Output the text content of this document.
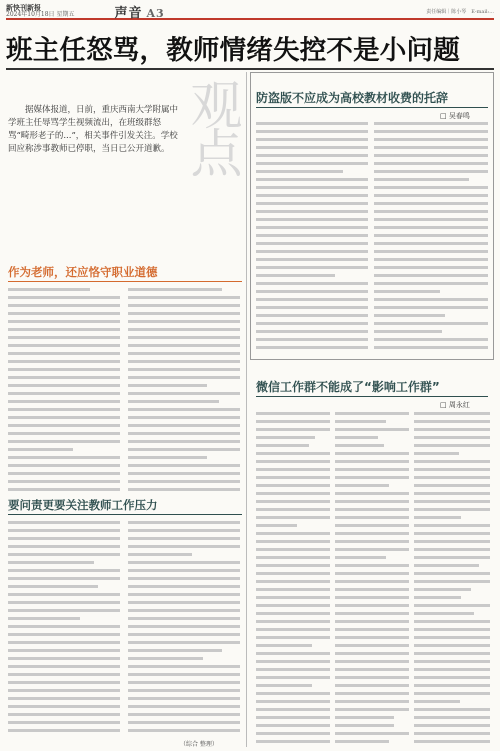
新快刊新报
2024年10月18日 星期五	声音 A3	责任编辑｜陈小琴　E-mail:...
班主任怒骂，教师情绪失控不是小问题
据媒体报道，日前，重庆西南大学附属中学班主任辱骂学生视频流出，在班级群怒骂“畸形老子的...”，相关事件引发关注。学校回应称涉事教师已停职，当日已公开道歉。 观点
作为老师，还应恪守职业道德
要问责更要关注教师工作压力
（综合 整理）
防盗版不应成为高校教材收费的托辞
□ 吴春鸣
微信工作群不能成了“影响工作群”
□ 周永红
